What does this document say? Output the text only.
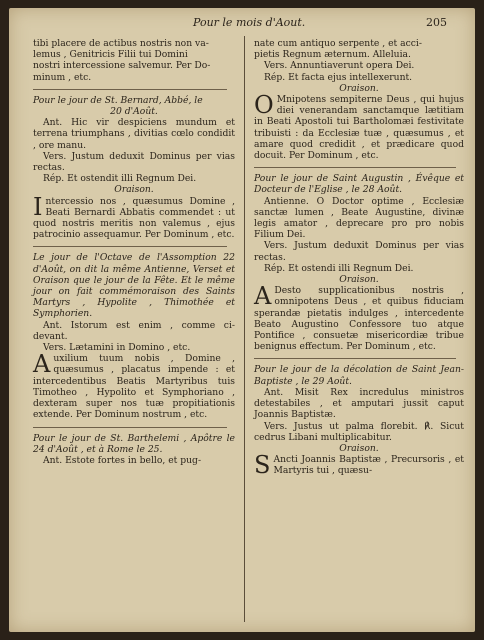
Pour le mois d'Aout.	205

tibi placere de actibus nostris non va-

lemus , Genitricis Filii tui Domini

nostri intercessione salvemur. Per Do-

minum , etc.

Pour le jour de St. Bernard, Abbé, le

20 d'Août.

Ant. Hic vir despiciens mundum et terrena triumphans , divitias cœlo condidit , ore manu.

Vers. Justum deduxit Dominus per vias rectas.

Rép. Et ostendit illi Regnum Dei.

Oraison.

Intercessio nos , quæsumus Domine , Beati Bernardi Abbatis commendet : ut quod nostris meritis non valemus , ejus patrocinio assequamur. Per Dominum , etc.

Le jour de l'Octave de l'Assomption 22 d'Août, on dit la même Antienne, Verset et Oraison que le jour de la Fête. Et le même jour on fait commémoraison des Saints Martyrs , Hypolite , Thimothée et Symphorien.

Ant. Istorum est enim , comme ci-devant.

Vers. Lætamini in Domino , etc.

Auxilium tuum nobis , Domine , quæsumus , placatus impende : et intercedentibus Beatis Martyribus tuis Timotheo , Hypolito et Symphoriano , dexteram super nos tuæ propitiationis extende. Per Dominum nostrum , etc.

Pour le jour de St. Barthelemi , Apôtre le 24 d'Août , et à Rome le 25.

Ant. Estote fortes in bello, et pug-

nate cum antiquo serpente , et acci-

pietis Regnum æternum. Alleluia.

Vers. Annuntiaverunt opera Dei.

Rép. Et facta ejus intellexerunt.

Oraison.

O Mnipotens sempiterne Deus , qui hujus diei venerandam sanctamque lætitiam in Beati Apostoli tui Bartholomæi festivitate tribuisti : da Ecclesiæ tuæ , quæsumus , et amare quod credidit , et prædicare quod docuit. Per Dominum , etc.

Pour le jour de Saint Augustin , Évêque et Docteur de l'Eglise , le 28 Août.

Antienne. O Doctor optime , Ecclesiæ sanctæ lumen , Beate Augustine, divinæ legis amator , deprecare pro pro nobis Filium Dei.

Vers. Justum deduxit Dominus per vias rectas.

Rép. Et ostendi illi Regnum Dei.

Oraison.

A Desto supplicationibus nostris , omnipotens Deus , et quibus fiduciam sperandæ pietatis indulges , intercedente Beato Augustino Confessore tuo atque Pontifice , consuetæ misericordiæ tribue benignus effectum. Per Dominum , etc.

Pour le jour de la décolation de Saint Jean-Baptiste , le 29 Août.

Ant. Misit Rex incredulus ministros detestabiles , et amputari jussit caput Joannis Baptistæ.

Vers. Justus ut palma florebit. ℟. Sicut cedrus Libani multiplicabitur.

Oraison.

S Ancti Joannis Baptistæ , Precursoris , et Martyris tui , quæsu-
